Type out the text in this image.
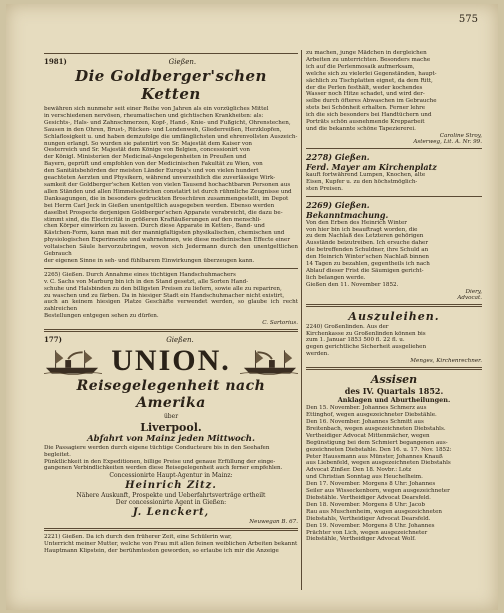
575
1981)	Gießen.
Die Goldberger'schen Ketten
bewähren sich nunmehr seit einer Reihe von Jahren als ein vorzügliches Mittel
in verschiedenen nervösen, rheumatischen und gichtischen Krankheiten: als:
Gesichts-, Hals- und Zahnschmerzen, Kopf-, Hand-, Knie- und Fußgicht, Ohrenstechen,
Sausen in den Ohren, Brust-, Rücken- und Lendenweh, Gliederreißen, Herzklopfen,
Schlaflosigkeit u. und haben demzufolge die umfänglichsten und ehrenvollsten Auszeich-
nungen erlangt. So wurden sie patentirt von Sr. Majestät dem Kaiser von
Oesterreich und Sr. Majestät dem Könige von Belgien, concessionirt von
der Königl. Ministerien der Medicinal-Angelegenheiten in Preußen und
Bayern, geprüft und empfohlen von der Medicinischen Fakultät zu Wien, von
den Sanitätsbehörden der meisten Länder Europa's und von vielen hundert
geachteten Aerzten und Physikern, während unverzeihlich die zuverlässige Wirk-
samkeit der Goldberger'schen Ketten von vielen Tausend hochachtbaren Personen aus
allen Ständen und allen Himmelsstrichen constatirt ist durch rühmliche Zeugnisse und
Danksagungen, die in besonders gedruckten Broschüren zusammengestellt, im Depot
bei Herrn Carl Jeck in Gießen unentgeltlich ausgegeben werden. Ebenso werden
daselbst Prospecte derjenigen Goldberger'schen Apparate verabreicht, die dazu be-
stimmt sind, die Electricität in größeren Kraftäußerungen auf den menschli-
chen Körper einwirken zu lassen. Durch diese Apparate in Ketten-, Band- und
Kästchen-Form, kann man mit der mannigfaltigsten physikalischen, chemischen und
physiologischen Experimente und wahrnehmen, wie diese medicinischen Effecte einer
voltaischen Säule hervorzubringen, wovon sich Jedermann durch den unentgeltlichen Gebrauch
der eigenen Sinne in seh- und fühlbarem Einwirkungen überzeugen kann.
2265) Gießen. Durch Annahme eines tüchtigen Handschuhmachers
v. C. Sachs von Marburg bin ich in den Stand gesetzt, alle Sorten Hand-
schuhe und Halsbinden zu den billigsten Preisen zu liefern, sowie alle zu repariren,
zu waschen und zu färben. Da in hiesiger Stadt ein Handschuhmacher nicht existirt,
auch an keinem hiesigen Platze Geschäfte verwendet werden, so glaube ich recht zahlreichen
Bestellungen entgegen sehen zu dürfen.
C. Sartorius.
177)	Gießen.
UNION.
Reisegelegenheit nach Amerika
über
Liverpool.
Abfahrt von Mainz jeden Mittwoch.
Die Passagiere werden durch eigene tüchtige Conducteure bis in den Seehafen
begleitet.
Pünktlichkeit in den Expeditionen, billige Preise und genaue Erfüllung der einge-
gangenen Verbindlichkeiten werden diese Reisegelegenheit auch ferner empfehlen.
Concessionirte Haupt-Agentur in Mainz:
Heinrich Zitz.
Nähere Auskunft, Prospekte und Ueberfahrtsverträge ertheilt
Der concessionirte Agent in Gießen:
J. Lenckert,
Neuwegan B. 67.
2221) Gießen. Da ich durch den früherer Zeit, eine Schülerin war,
Unterricht meiner Mutter, welche von Frau mit allen feinen weiblichen Arbeiten bekannt
Hauptmann Klipstein, der berühmtesten geworden, so erlaube ich mir die Anzeige
zu machen, junge Mädchen in dergleichen
Arbeiten zu unterrichten. Besonders mache
ich auf die Perlenmosaik aufmerksam,
welche sich zu vielerlei Gegenständen, haupt-
sächlich zu Tischplatten eignet, da dem Ritt,
der die Perlen festhält, weder kochendes
Wasser noch Hitze schadet, und wird der-
selbe durch öfteres Abwaschen im Gebrauche
stets bei Schönheit erhalten. Ferner lehre
ich die sich besonders bei Handtüchern und
Porträts schön ausnehmende Krepparbeit
und die bekannte schöne Tapeziererei.
Caroline Stroy,
Asterweg, Lit. A. Nr. 99.
2278) Gießen.
Ferd. Mayer am Kirchenplatz
kauft fortwährend Lumpen, Knochen, alte
Eisen, Kupfer u. zu den höchstmöglich-
sten Preisen.
2269) Gießen.
Bekanntmachung.
Von den Erben des Heinrich Winter
von hier bin ich beauftragt worden, die
zu dem Nachlaß des Letzteren gehörigen
Ausstände beizutreiben. Ich ersuche daher
die betreffenden Schuldner, ihre Schuld an
den Heinrich Winter'schen Nachlaß binnen
14 Tagen zu bezahlen, gegentheils ich nach
Ablauf dieser Frist die Säumigen gericht-
lich belangen werde.
Gießen den 11. November 1852.
Diery,
Advocat.
Auszuleihen.
2240) Großenlinden. Aus der
Kirchenkasse zu Großenlinden können bis
zum 1. Januar 1853 500 fl. 22 fl. u.
gegen gerichtliche Sicherheit ausgeliehen
werden.
Menges, Kirchenrechner.
Assisen
des IV. Quartals 1852.
Anklagen und Aburtheilungen.
Den 15. November. Johannes Schmerz aus
Ettinghof, wegen ausgezeichneter Diebstähle.
Den 16. November. Johannes Schmitt aus
Breitenbach, wegen ausgezeichneten Diebstahls.
Vertheidiger Advocat Mittenmächer, wegen
Begünstigung bei dem Schmiert begangenen aus-
gezeichneten Diebstahle. Den 16. u. 17. Nov. 1852:
Peter Haussmann aus Münster, Johannes Knauß
aus Liebenfeld, wegen ausgezeichneten Diebstahls
Advocat Zinßer. Den 18. Novbr.: Lotz
und Christian Sonntag aus Heuchelheim.
Den 17. November. Morgens 8 Uhr: Johannes
Seiler aus Wisseckenborn, wegen ausgezeichneter
Diebstähle. Vertheidiger Advocat Dearsfeld.
Den 18. November. Morgens 8 Uhr: Jacob
Rau aus Muschenheim, wegen ausgezeichneten
Diebstahls, Vertheidiger Advocat Dearsfeld.
Den 19. November. Morgens 8 Uhr. Johannes
Prächter von Lich, wegen ausgezeichneter
Diebstähle, Vertheidiger Advocat Wolf.
